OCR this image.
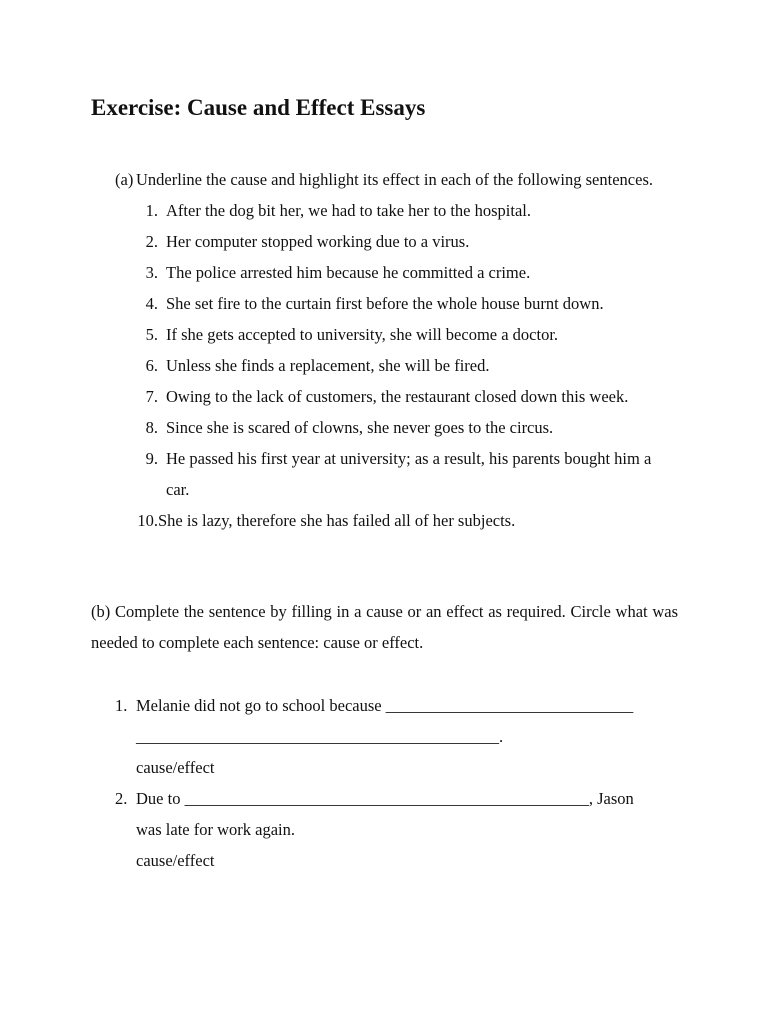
Exercise: Cause and Effect Essays
(a) Underline the cause and highlight its effect in each of the following sentences.
1. After the dog bit her, we had to take her to the hospital.
2. Her computer stopped working due to a virus.
3. The police arrested him because he committed a crime.
4. She set fire to the curtain first before the whole house burnt down.
5. If she gets accepted to university, she will become a doctor.
6. Unless she finds a replacement, she will be fired.
7. Owing to the lack of customers, the restaurant closed down this week.
8. Since she is scared of clowns, she never goes to the circus.
9. He passed his first year at university; as a result, his parents bought him a car.
10. She is lazy, therefore she has failed all of her subjects.
(b) Complete the sentence by filling in a cause or an effect as required. Circle what was needed to complete each sentence: cause or effect.
1. Melanie did not go to school because ______________________________
____________________________________________.
cause/effect
2. Due to _________________________________________________, Jason
was late for work again.
cause/effect
